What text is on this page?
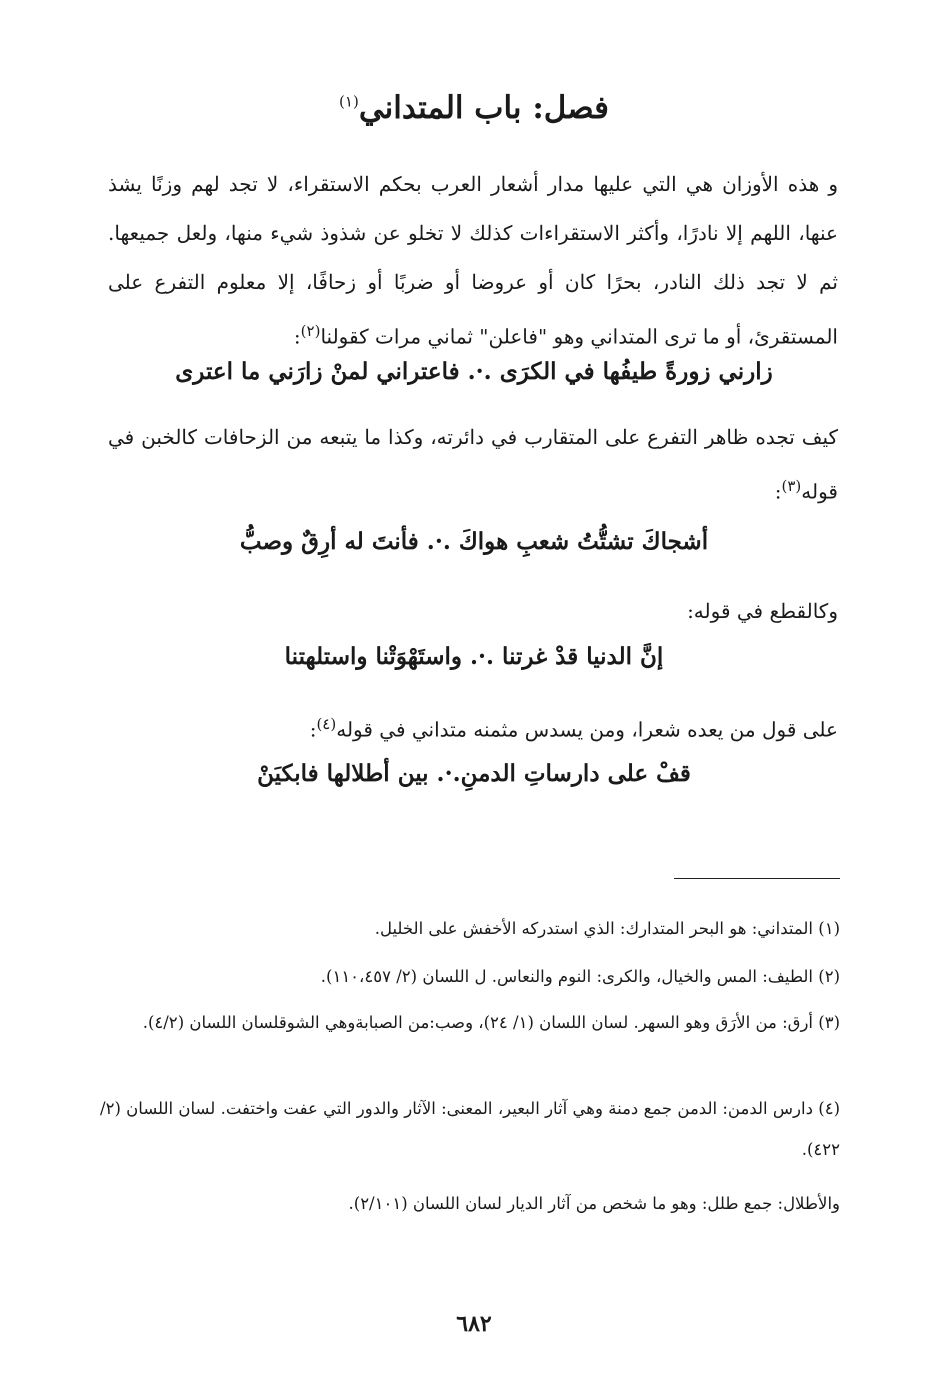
فصل: باب المتداني$^{(١)}$

و هذه الأوزان هي التي عليها مدار أشعار العرب بحكم الاستقراء، لا تجد لهم وزنًا يشذ عنها، اللهم إلا نادرًا، وأكثر الاستقراءات كذلك لا تخلو عن شذوذ شيء منها، ولعل جميعها. ثم لا تجد ذلك النادر، بحرًا كان أو عروضا أو ضربًا أو زحافًا، إلا معلوم التفرع على المستقرئ، أو ما ترى المتداني وهو "فاعلن" ثماني مرات كقولنا$^{(٢)}$:

زارني زورةً طيفُها في الكرَى .·. فاعتراني لمنْ زارَني ما اعترى

كيف تجده ظاهر التفرع على المتقارب في دائرته، وكذا ما يتبعه من الزحافات كالخبن في قوله$^{(٣)}$:

أشجاكَ تشتُّتُ شعبِ هواكَ .·. فأنتَ له أرِقٌ وصبُّ

وكالقطع في قوله:

إنَّ الدنيا قدْ غرتنا .·. واستَهْوَتْنا واستلهتنا

على قول من يعده شعرا، ومن يسدس مثمنه متداني في قوله$^{(٤)}$:

قفْ على دارساتِ الدمنِ.·. بين أطلالها فابكيَنْ

(١) المتداني: هو البحر المتدارك: الذي استدركه الأخفش على الخليل.

(٢) الطيف: المس والخيال، والكرى: النوم والنعاس. ل اللسان (٢/ ١١٠،٤٥٧).

(٣) أرق: من الأرَق وهو السهر. لسان اللسان (١/ ٢٤)، وصب:من الصبابةوهي الشوقلسان اللسان (٤/٢).

(٤) دارس الدمن: الدمن جمع دمنة وهي آثار البعير، المعنى: الآثار والدور التي عفت واختفت. لسان اللسان (٢/ ٤٢٢).

والأطلال: جمع طلل: وهو ما شخص من آثار الديار لسان اللسان (٢/١٠١).

٦٨٢
